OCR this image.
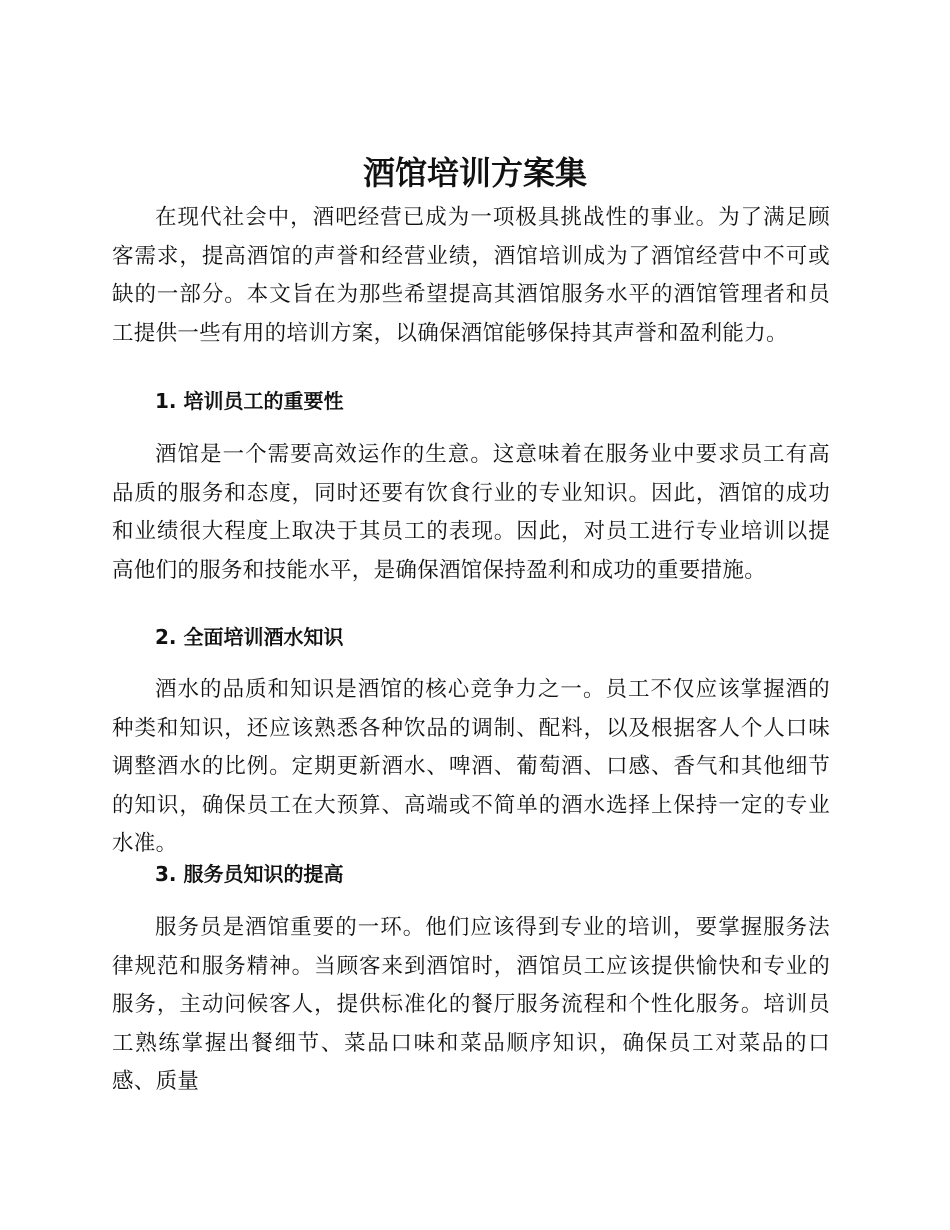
酒馆培训方案集

在现代社会中，酒吧经营已成为一项极具挑战性的事业。为了满足顾客需求，提高酒馆的声誉和经营业绩，酒馆培训成为了酒馆经营中不可或缺的一部分。本文旨在为那些希望提高其酒馆服务水平的酒馆管理者和员工提供一些有用的培训方案，以确保酒馆能够保持其声誉和盈利能力。

1. 培训员工的重要性

酒馆是一个需要高效运作的生意。这意味着在服务业中要求员工有高品质的服务和态度，同时还要有饮食行业的专业知识。因此，酒馆的成功和业绩很大程度上取决于其员工的表现。因此，对员工进行专业培训以提高他们的服务和技能水平，是确保酒馆保持盈利和成功的重要措施。

2. 全面培训酒水知识

酒水的品质和知识是酒馆的核心竞争力之一。员工不仅应该掌握酒的种类和知识，还应该熟悉各种饮品的调制、配料，以及根据客人个人口味调整酒水的比例。定期更新酒水、啤酒、葡萄酒、口感、香气和其他细节的知识，确保员工在大预算、高端或不简单的酒水选择上保持一定的专业水准。

3. 服务员知识的提高

服务员是酒馆重要的一环。他们应该得到专业的培训，要掌握服务法律规范和服务精神。当顾客来到酒馆时，酒馆员工应该提供愉快和专业的服务，主动问候客人，提供标准化的餐厅服务流程和个性化服务。培训员工熟练掌握出餐细节、菜品口味和菜品顺序知识，确保员工对菜品的口感、质量
